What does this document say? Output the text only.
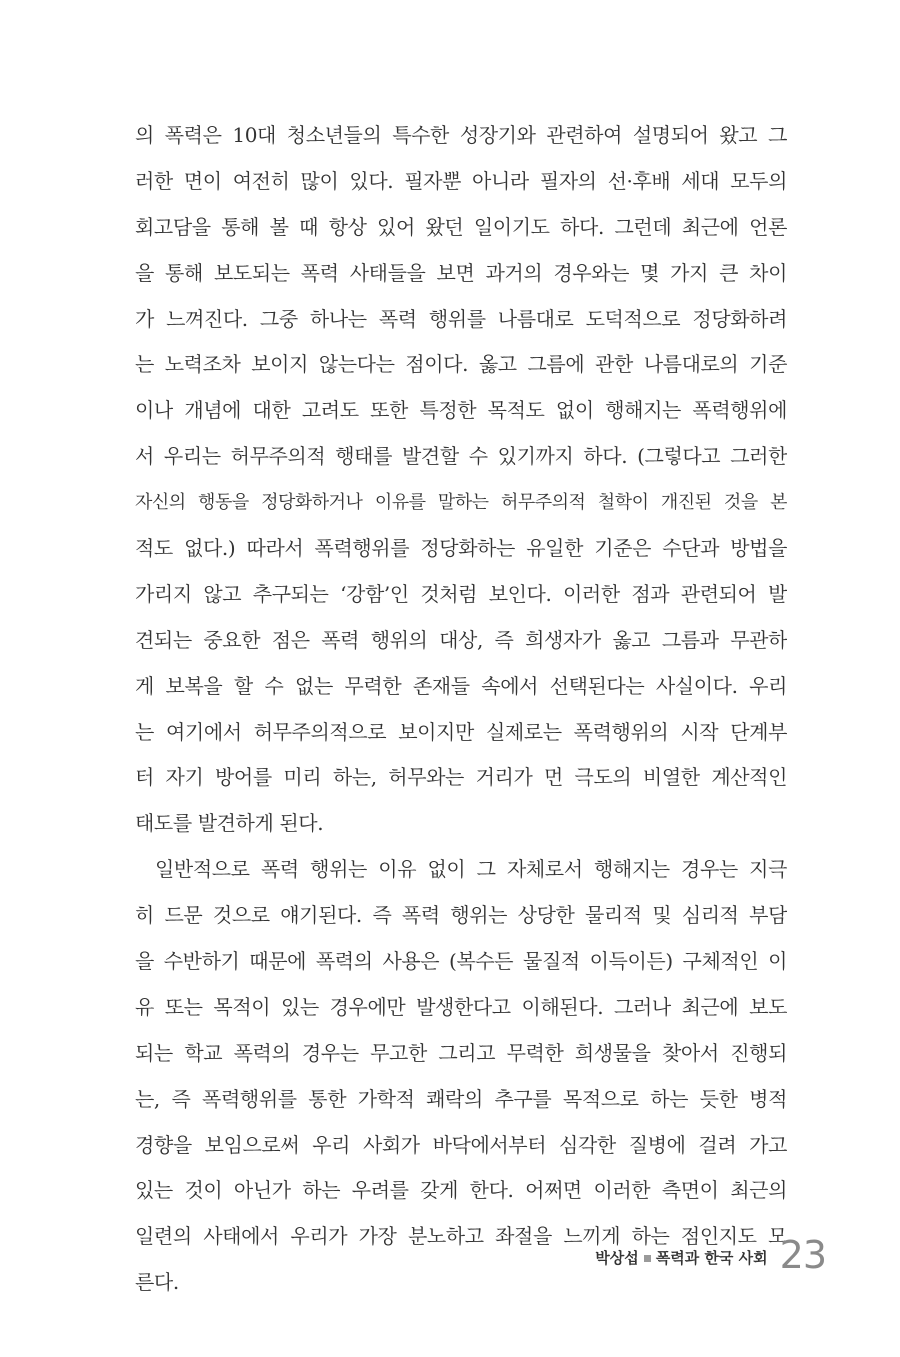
의 폭력은 10대 청소년들의 특수한 성장기와 관련하여 설명되어 왔고 그
러한 면이 여전히 많이 있다. 필자뿐 아니라 필자의 선·후배 세대 모두의
회고담을 통해 볼 때 항상 있어 왔던 일이기도 하다. 그런데 최근에 언론
을 통해 보도되는 폭력 사태들을 보면 과거의 경우와는 몇 가지 큰 차이
가 느껴진다. 그중 하나는 폭력 행위를 나름대로 도덕적으로 정당화하려
는 노력조차 보이지 않는다는 점이다. 옳고 그름에 관한 나름대로의 기준
이나 개념에 대한 고려도 또한 특정한 목적도 없이 행해지는 폭력행위에
서 우리는 허무주의적 행태를 발견할 수 있기까지 하다. (그렇다고 그러한
자신의 행동을 정당화하거나 이유를 말하는 허무주의적 철학이 개진된 것을 본
적도 없다.) 따라서 폭력행위를 정당화하는 유일한 기준은 수단과 방법을
가리지 않고 추구되는 ‘강함’인 것처럼 보인다. 이러한 점과 관련되어 발
견되는 중요한 점은 폭력 행위의 대상, 즉 희생자가 옳고 그름과 무관하
게 보복을 할 수 없는 무력한 존재들 속에서 선택된다는 사실이다. 우리
는 여기에서 허무주의적으로 보이지만 실제로는 폭력행위의 시작 단계부
터 자기 방어를 미리 하는, 허무와는 거리가 먼 극도의 비열한 계산적인
태도를 발견하게 된다.
일반적으로 폭력 행위는 이유 없이 그 자체로서 행해지는 경우는 지극
히 드문 것으로 얘기된다. 즉 폭력 행위는 상당한 물리적 및 심리적 부담
을 수반하기 때문에 폭력의 사용은 (복수든 물질적 이득이든) 구체적인 이
유 또는 목적이 있는 경우에만 발생한다고 이해된다. 그러나 최근에 보도
되는 학교 폭력의 경우는 무고한 그리고 무력한 희생물을 찾아서 진행되
는, 즉 폭력행위를 통한 가학적 쾌락의 추구를 목적으로 하는 듯한 병적
경향을 보임으로써 우리 사회가 바닥에서부터 심각한 질병에 걸려 가고
있는 것이 아닌가 하는 우려를 갖게 한다. 어쩌면 이러한 측면이 최근의
일련의 사태에서 우리가 가장 분노하고 좌절을 느끼게 하는 점인지도 모
른다.
박상섭 폭력과 한국 사회 23
